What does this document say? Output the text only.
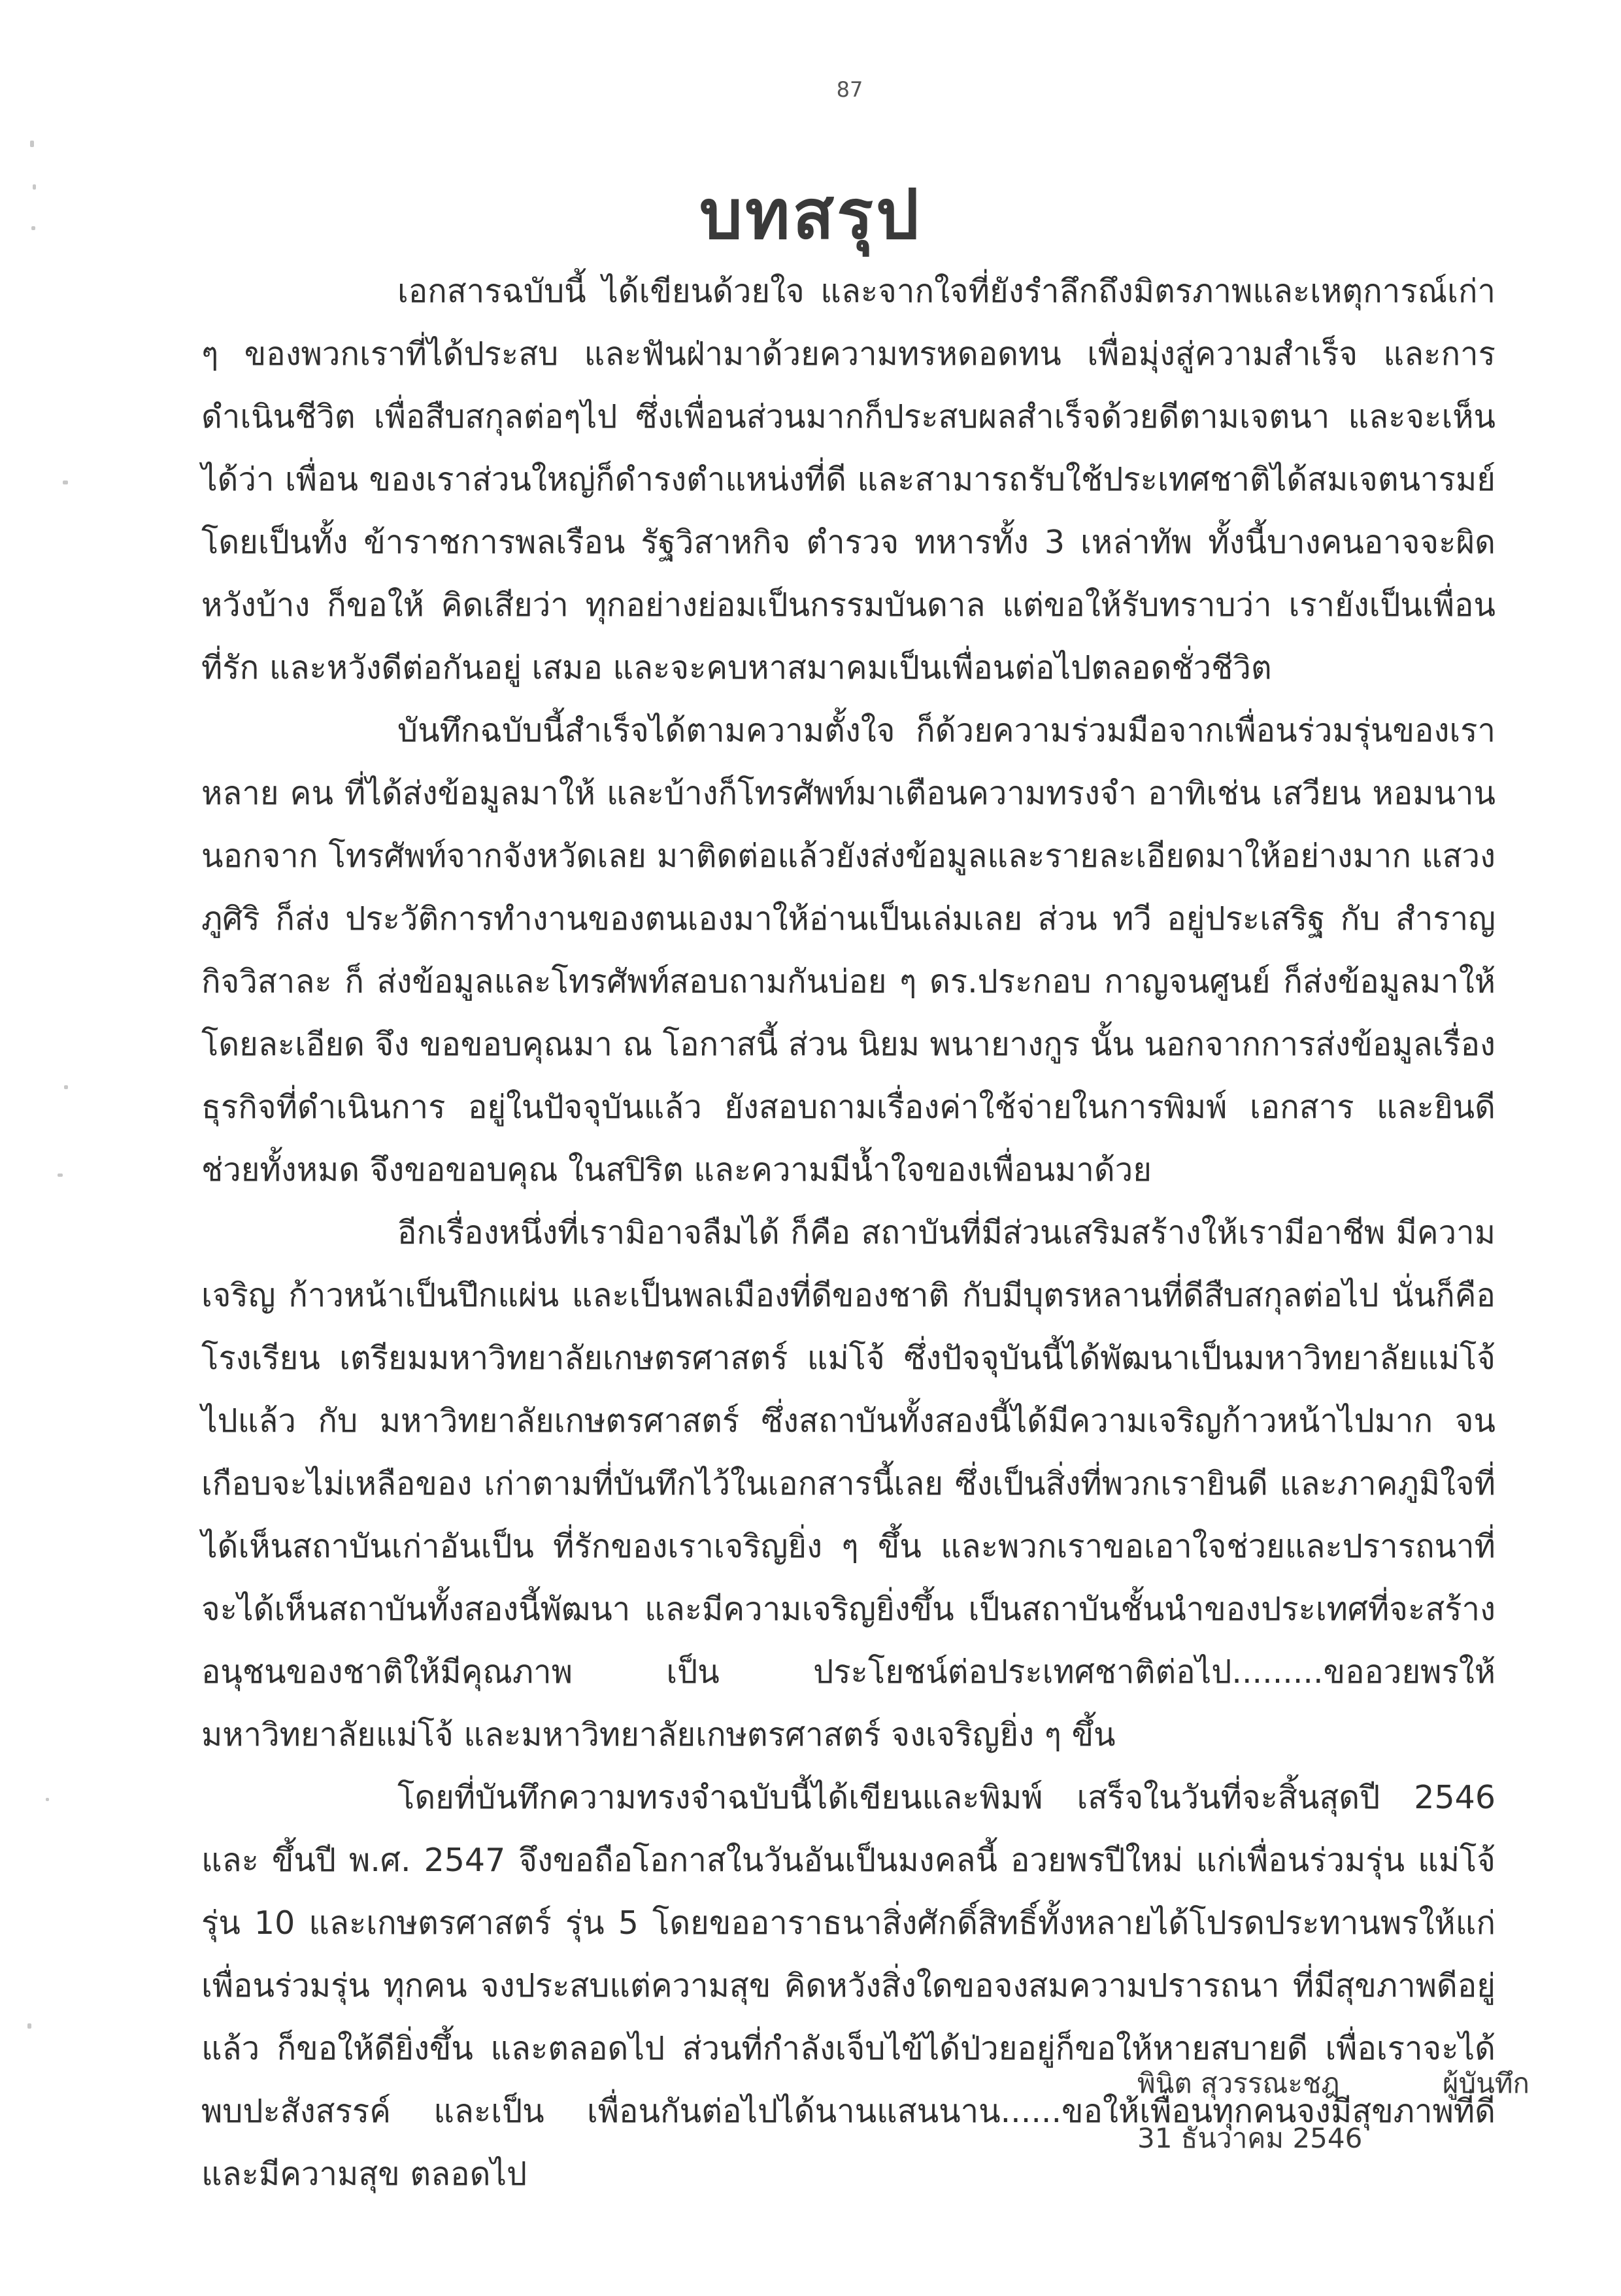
87
บทสรุป

เอกสารฉบับนี้ ได้เขียนด้วยใจ และจากใจที่ยังรำลึกถึงมิตรภาพและเหตุการณ์เก่า ๆ ของพวกเราที่ได้ประสบ และฟันฝ่ามาด้วยความทรหดอดทน เพื่อมุ่งสู่ความสำเร็จ และการดำเนินชีวิต เพื่อสืบสกุลต่อๆไป ซึ่งเพื่อนส่วนมากก็ประสบผลสำเร็จด้วยดีตามเจตนา และจะเห็นได้ว่า เพื่อน ของเราส่วนใหญ่ก็ดำรงตำแหน่งที่ดี และสามารถรับใช้ประเทศชาติได้สมเจตนารมย์ โดยเป็นทั้ง ข้าราชการพลเรือน รัฐวิสาหกิจ ตำรวจ ทหารทั้ง 3 เหล่าทัพ ทั้งนี้บางคนอาจจะผิดหวังบ้าง ก็ขอให้ คิดเสียว่า ทุกอย่างย่อมเป็นกรรมบันดาล แต่ขอให้รับทราบว่า เรายังเป็นเพื่อนที่รัก และหวังดีต่อกันอยู่ เสมอ และจะคบหาสมาคมเป็นเพื่อนต่อไปตลอดชั่วชีวิต

บันทึกฉบับนี้สำเร็จได้ตามความตั้งใจ ก็ด้วยความร่วมมือจากเพื่อนร่วมรุ่นของเราหลาย คน ที่ได้ส่งข้อมูลมาให้ และบ้างก็โทรศัพท์มาเตือนความทรงจำ อาทิเช่น เสวียน หอมนาน นอกจาก โทรศัพท์จากจังหวัดเลย มาติดต่อแล้วยังส่งข้อมูลและรายละเอียดมาให้อย่างมาก แสวง ภูศิริ ก็ส่ง ประวัติการทำงานของตนเองมาให้อ่านเป็นเล่มเลย ส่วน ทวี อยู่ประเสริฐ กับ สำราญ กิจวิสาละ ก็ ส่งข้อมูลและโทรศัพท์สอบถามกันบ่อย ๆ ดร.ประกอบ กาญจนศูนย์ ก็ส่งข้อมูลมาให้โดยละเอียด จึง ขอขอบคุณมา ณ โอกาสนี้ ส่วน นิยม พนายางกูร นั้น นอกจากการส่งข้อมูลเรื่องธุรกิจที่ดำเนินการ อยู่ในปัจจุบันแล้ว ยังสอบถามเรื่องค่าใช้จ่ายในการพิมพ์ เอกสาร และยินดีช่วยทั้งหมด จึงขอขอบคุณ ในสปิริต และความมีน้ำใจของเพื่อนมาด้วย

อีกเรื่องหนึ่งที่เรามิอาจลืมได้ ก็คือ สถาบันที่มีส่วนเสริมสร้างให้เรามีอาชีพ มีความเจริญ ก้าวหน้าเป็นปึกแผ่น และเป็นพลเมืองที่ดีของชาติ กับมีบุตรหลานที่ดีสืบสกุลต่อไป นั่นก็คือ โรงเรียน เตรียมมหาวิทยาลัยเกษตรศาสตร์ แม่โจ้ ซึ่งปัจจุบันนี้ได้พัฒนาเป็นมหาวิทยาลัยแม่โจ้ ไปแล้ว กับ มหาวิทยาลัยเกษตรศาสตร์ ซึ่งสถาบันทั้งสองนี้ได้มีความเจริญก้าวหน้าไปมาก จนเกือบจะไม่เหลือของ เก่าตามที่บันทึกไว้ในเอกสารนี้เลย ซึ่งเป็นสิ่งที่พวกเรายินดี และภาคภูมิใจที่ได้เห็นสถาบันเก่าอันเป็น ที่รักของเราเจริญยิ่ง ๆ ขึ้น และพวกเราขอเอาใจช่วยและปรารถนาที่จะได้เห็นสถาบันทั้งสองนี้พัฒนา และมีความเจริญยิ่งขึ้น เป็นสถาบันชั้นนำของประเทศที่จะสร้างอนุชนของชาติให้มีคุณภาพ เป็น ประโยชน์ต่อประเทศชาติต่อไป.........ขออวยพรให้มหาวิทยาลัยแม่โจ้ และมหาวิทยาลัยเกษตรศาสตร์ จงเจริญยิ่ง ๆ ขึ้น

โดยที่บันทึกความทรงจำฉบับนี้ได้เขียนและพิมพ์ เสร็จในวันที่จะสิ้นสุดปี 2546 และ ขึ้นปี พ.ศ. 2547 จึงขอถือโอกาสในวันอันเป็นมงคลนี้ อวยพรปีใหม่ แก่เพื่อนร่วมรุ่น แม่โจ้ รุ่น 10 และเกษตรศาสตร์ รุ่น 5 โดยขออาราธนาสิ่งศักดิ์สิทธิ์ทั้งหลายได้โปรดประทานพรให้แก่เพื่อนร่วมรุ่น ทุกคน จงประสบแต่ความสุข คิดหวังสิ่งใดขอจงสมความปรารถนา ที่มีสุขภาพดีอยู่แล้ว ก็ขอให้ดียิ่งขึ้น และตลอดไป ส่วนที่กำลังเจ็บไข้ได้ป่วยอยู่ก็ขอให้หายสบายดี เพื่อเราจะได้พบปะสังสรรค์ และเป็น เพื่อนกันต่อไปได้นานแสนนาน......ขอให้เพื่อนทุกคนจงมีสุขภาพที่ดี และมีความสุข ตลอดไป

พินิต สุวรรณะชฎ	ผู้บันทึก
31 ธันวาคม 2546
